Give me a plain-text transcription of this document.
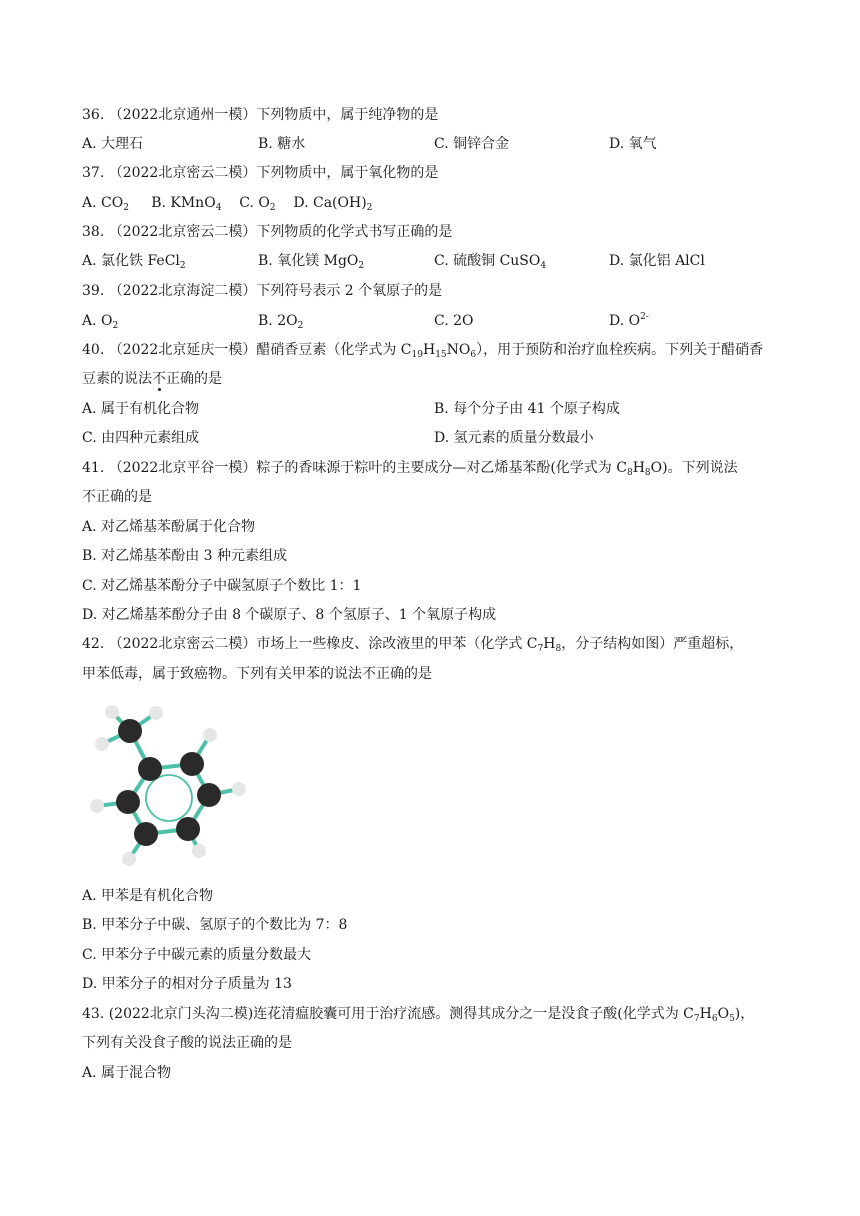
36. （2022北京通州一模）下列物质中，属于纯净物的是
A. 大理石	B. 糖水	C. 铜锌合金	D. 氧气
37. （2022北京密云二模）下列物质中，属于氧化物的是
A. $CO_2$ B. KMnO$_4$ C. $O_2$ D. $Ca(OH)_2$
38. （2022北京密云二模）下列物质的化学式书写正确的是
A. 氯化铁 FeCl$_2$	B. 氧化镁 MgO$_2$	C. 硫酸铜 CuSO$_4$	D. 氯化铝 AlCl
39. （2022北京海淀二模）下列符号表示 2 个氧原子的是
A. $O_2$	B. $2O_2$	C. 2O	D. $O^{2-}$
40. （2022北京延庆一模）醋硝香豆素（化学式为 $C_{19}H_{15}NO_6$），用于预防和治疗血栓疾病。下列关于醋硝香
豆素的说法不正确的是
A. 属于有机化合物	B. 每个分子由 41 个原子构成
C. 由四种元素组成	D. 氢元素的质量分数最小
41. （2022北京平谷一模）粽子的香味源于粽叶的主要成分—对乙烯基苯酚(化学式为 $C_8H_8O$)。下列说法
不正确的是
A. 对乙烯基苯酚属于化合物
B. 对乙烯基苯酚由 3 种元素组成
C. 对乙烯基苯酚分子中碳氢原子个数比 1：1
D. 对乙烯基苯酚分子由 8 个碳原子、8 个氢原子、1 个氧原子构成
42. （2022北京密云二模）市场上一些橡皮、涂改液里的甲苯（化学式 $C_7H_8$，分子结构如图）严重超标，
甲苯低毒，属于致癌物。下列有关甲苯的说法不正确的是
A. 甲苯是有机化合物
B. 甲苯分子中碳、氢原子的个数比为 7：8
C. 甲苯分子中碳元素的质量分数最大
D. 甲苯分子的相对分子质量为 13
43. (2022北京门头沟二模)连花清瘟胶囊可用于治疗流感。测得其成分之一是没食子酸(化学式为 $C_7H_6O_5$)，
下列有关没食子酸的说法正确的是
A. 属于混合物
